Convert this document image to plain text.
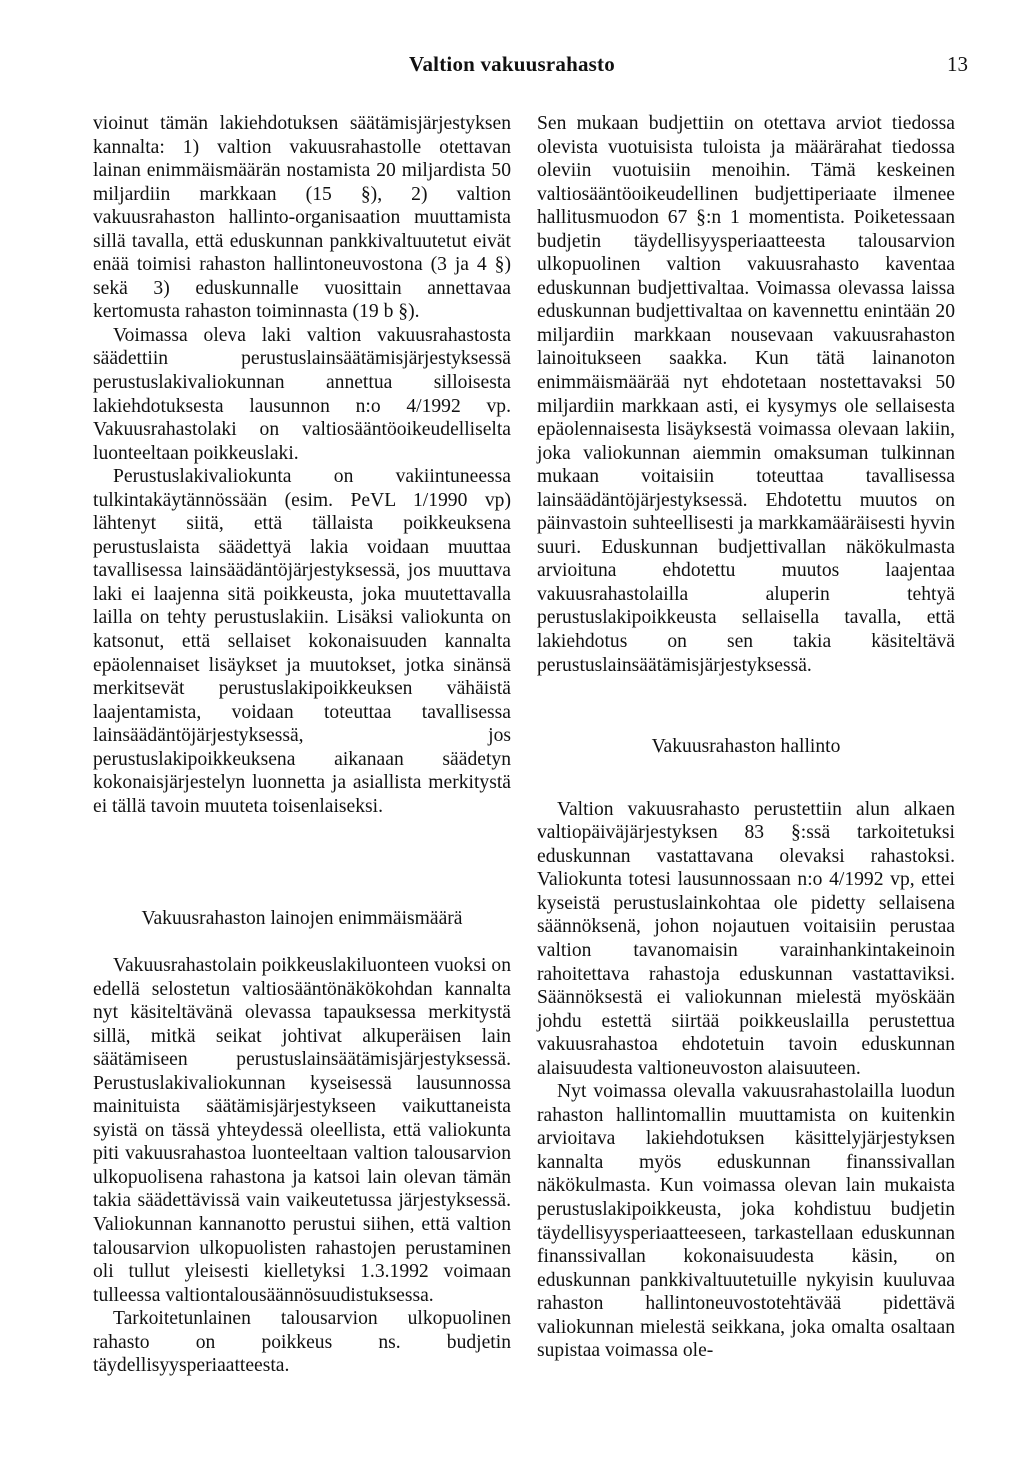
Valtion vakuusrahasto	13

vioinut tämän lakiehdotuksen säätämisjärjestyksen kannalta: 1) valtion vakuusrahastolle otettavan lainan enimmäismäärän nostamista 20 miljardista 50 miljardiin markkaan (15 §), 2) valtion vakuusrahaston hallinto-organisaation muuttamista sillä tavalla, että eduskunnan pankkivaltuutetut eivät enää toimisi rahaston hallintoneuvostona (3 ja 4 §) sekä 3) eduskunnalle vuosittain annettavaa kertomusta rahaston toiminnasta (19 b §).

Voimassa oleva laki valtion vakuusrahastosta säädettiin perustuslainsäätämisjärjestyksessä perustuslakivaliokunnan annettua silloisesta lakiehdotuksesta lausunnon n:o 4/1992 vp. Vakuusrahastolaki on valtiosääntöoikeudelliselta luonteeltaan poikkeuslaki.

Perustuslakivaliokunta on vakiintuneessa tulkintakäytännössään (esim. PeVL 1/1990 vp) lähtenyt siitä, että tällaista poikkeuksena perustuslaista säädettyä lakia voidaan muuttaa tavallisessa lainsäädäntöjärjestyksessä, jos muuttava laki ei laajenna sitä poikkeusta, joka muutettavalla lailla on tehty perustuslakiin. Lisäksi valiokunta on katsonut, että sellaiset kokonaisuuden kannalta epäolennaiset lisäykset ja muutokset, jotka sinänsä merkitsevät perustuslakipoikkeuksen vähäistä laajentamista, voidaan toteuttaa tavallisessa lainsäädäntöjärjestyksessä, jos perustuslakipoikkeuksena aikanaan säädetyn kokonaisjärjestelyn luonnetta ja asiallista merkitystä ei tällä tavoin muuteta toisenlaiseksi.

Vakuusrahaston lainojen enimmäismäärä

Vakuusrahastolain poikkeuslakiluonteen vuoksi on edellä selostetun valtiosääntönäkökohdan kannalta nyt käsiteltävänä olevassa tapauksessa merkitystä sillä, mitkä seikat johtivat alkuperäisen lain säätämiseen perustuslainsäätämisjärjestyksessä. Perustuslakivaliokunnan kyseisessä lausunnossa mainituista säätämisjärjestykseen vaikuttaneista syistä on tässä yhteydessä oleellista, että valiokunta piti vakuusrahastoa luonteeltaan valtion talousarvion ulkopuolisena rahastona ja katsoi lain olevan tämän takia säädettävissä vain vaikeutetussa järjestyksessä. Valiokunnan kannanotto perustui siihen, että valtion talousarvion ulkopuolisten rahastojen perustaminen oli tullut yleisesti kielletyksi 1.3.1992 voimaan tulleessa valtiontalousäännösuudistuksessa.

Tarkoitetunlainen talousarvion ulkopuolinen rahasto on poikkeus ns. budjetin täydellisyysperiaatteesta.

Sen mukaan budjettiin on otettava arviot tiedossa olevista vuotuisista tuloista ja määrärahat tiedossa oleviin vuotuisiin menoihin. Tämä keskeinen valtiosääntöoikeudellinen budjettiperiaate ilmenee hallitusmuodon 67 §:n 1 momentista. Poiketessaan budjetin täydellisyysperiaatteesta talousarvion ulkopuolinen valtion vakuusrahasto kaventaa eduskunnan budjettivaltaa. Voimassa olevassa laissa eduskunnan budjettivaltaa on kavennettu enintään 20 miljardiin markkaan nousevaan vakuusrahaston lainoitukseen saakka. Kun tätä lainanoton enimmäismäärää nyt ehdotetaan nostettavaksi 50 miljardiin markkaan asti, ei kysymys ole sellaisesta epäolennaisesta lisäyksestä voimassa olevaan lakiin, joka valiokunnan aiemmin omaksuman tulkinnan mukaan voitaisiin toteuttaa tavallisessa lainsäädäntöjärjestyksessä. Ehdotettu muutos on päinvastoin suhteellisesti ja markkamääräisesti hyvin suuri. Eduskunnan budjettivallan näkökulmasta arvioituna ehdotettu muutos laajentaa vakuusrahastolailla aluperin tehtyä perustuslakipoikkeusta sellaisella tavalla, että lakiehdotus on sen takia käsiteltävä perustuslainsäätämisjärjestyksessä.

Vakuusrahaston hallinto

Valtion vakuusrahasto perustettiin alun alkaen valtiopäiväjärjestyksen 83 §:ssä tarkoitetuksi eduskunnan vastattavana olevaksi rahastoksi. Valiokunta totesi lausunnossaan n:o 4/1992 vp, ettei kyseistä perustuslainkohtaa ole pidetty sellaisena säännöksenä, johon nojautuen voitaisiin perustaa valtion tavanomaisin varainhankintakeinoin rahoitettava rahastoja eduskunnan vastattaviksi. Säännöksestä ei valiokunnan mielestä myöskään johdu estettä siirtää poikkeuslailla perustettua vakuusrahastoa ehdotetuin tavoin eduskunnan alaisuudesta valtioneuvoston alaisuuteen.

Nyt voimassa olevalla vakuusrahastolailla luodun rahaston hallintomallin muuttamista on kuitenkin arvioitava lakiehdotuksen käsittelyjärjestyksen kannalta myös eduskunnan finanssivallan näkökulmasta. Kun voimassa olevan lain mukaista perustuslakipoikkeusta, joka kohdistuu budjetin täydellisyysperiaatteeseen, tarkastellaan eduskunnan finanssivallan kokonaisuudesta käsin, on eduskunnan pankkivaltuutetuille nykyisin kuuluvaa rahaston hallintoneuvostotehtävää pidettävä valiokunnan mielestä seikkana, joka omalta osaltaan supistaa voimassa ole-
